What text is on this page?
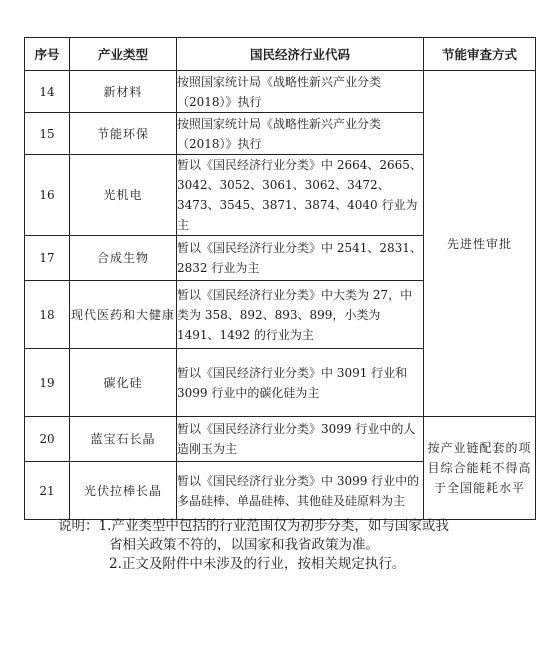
序号	产业类型	国民经济行业代码	节能审查方式
14	新材料	按照国家统计局《战略性新兴产业分类（2018）》执行	先进性审批
15	节能环保	按照国家统计局《战略性新兴产业分类（2018）》执行	
16	光机电	暂以《国民经济行业分类》中 2664、2665、3042、3052、3061、3062、3472、3473、3545、3871、3874、4040 行业为主	
17	合成生物	暂以《国民经济行业分类》中 2541、2831、2832 行业为主	
18	现代医药和大健康	暂以《国民经济行业分类》中大类为 27，中类为 358、892、893、899，小类为 1491、1492 的行业为主	
19	碳化硅	暂以《国民经济行业分类》中 3091 行业和 3099 行业中的碳化硅为主	
20	蓝宝石长晶	暂以《国民经济行业分类》3099 行业中的人造刚玉为主	按产业链配套的项目综合能耗不得高于全国能耗水平
21	光伏拉棒长晶	暂以《国民经济行业分类》中 3099 行业中的多晶硅棒、单晶硅棒、其他硅及硅原料为主	
说明：1.产业类型中包括的行业范围仅为初步分类，如与国家或我
省相关政策不符的，以国家和我省政策为准。
2.正文及附件中未涉及的行业，按相关规定执行。
